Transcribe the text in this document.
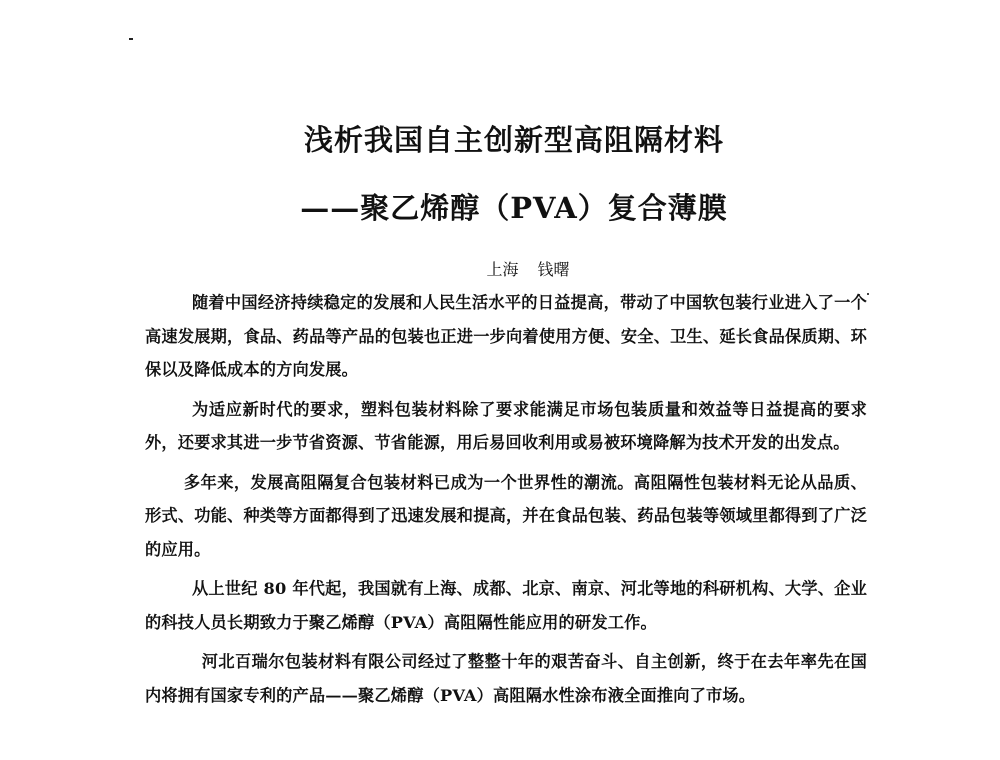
浅析我国自主创新型高阻隔材料
——聚乙烯醇（PVA）复合薄膜
上海 钱曙

随着中国经济持续稳定的发展和人民生活水平的日益提高，带动了中国软包装行业进入了一个高速发展期，食品、药品等产品的包装也正进一步向着使用方便、安全、卫生、延长食品保质期、环保以及降低成本的方向发展。

为适应新时代的要求，塑料包装材料除了要求能满足市场包装质量和效益等日益提高的要求外，还要求其进一步节省资源、节省能源，用后易回收利用或易被环境降解为技术开发的出发点。

多年来，发展高阻隔复合包装材料已成为一个世界性的潮流。高阻隔性包装材料无论从品质、形式、功能、种类等方面都得到了迅速发展和提高，并在食品包装、药品包装等领域里都得到了广泛的应用。

从上世纪 80 年代起，我国就有上海、成都、北京、南京、河北等地的科研机构、大学、企业的科技人员长期致力于聚乙烯醇（PVA）高阻隔性能应用的研发工作。

河北百瑞尔包装材料有限公司经过了整整十年的艰苦奋斗、自主创新，终于在去年率先在国内将拥有国家专利的产品——聚乙烯醇（PVA）高阻隔水性涂布液全面推向了市场。
